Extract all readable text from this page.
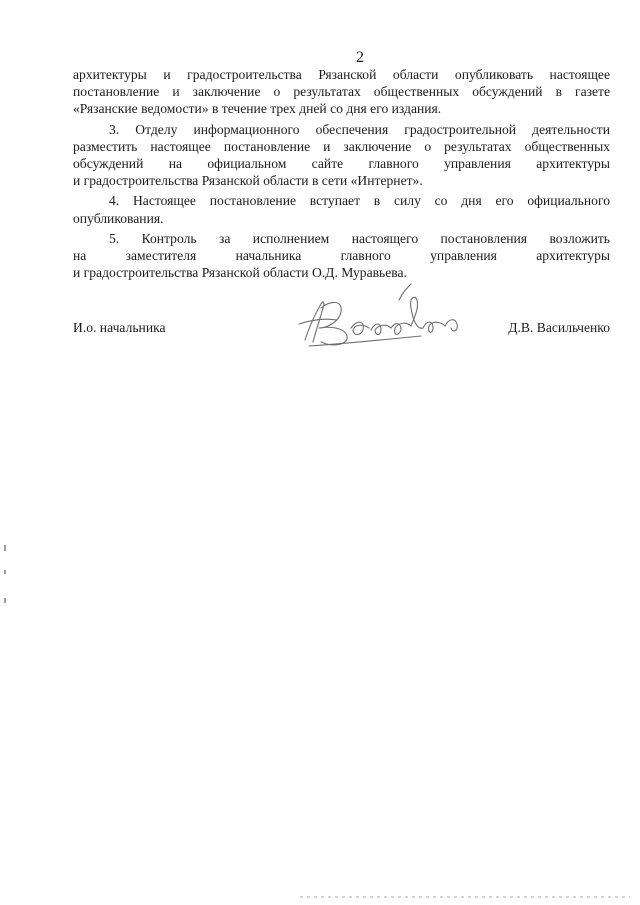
2

архитектуры и градостроительства Рязанской области опубликовать настоящее

постановление и заключение о результатах общественных обсуждений в газете

«Рязанские ведомости» в течение трех дней со дня его издания.

3. Отделу информационного обеспечения градостроительной деятельности

разместить настоящее постановление и заключение о результатах общественных

обсуждений на официальном сайте главного управления архитектуры

и градостроительства Рязанской области в сети «Интернет».

4. Настоящее постановление вступает в силу со дня его официального

опубликования.

5. Контроль за исполнением настоящего постановления возложить

на заместителя начальника главного управления архитектуры

и градостроительства Рязанской области О.Д. Муравьева.

И.о. начальника	Д.В. Васильченко
